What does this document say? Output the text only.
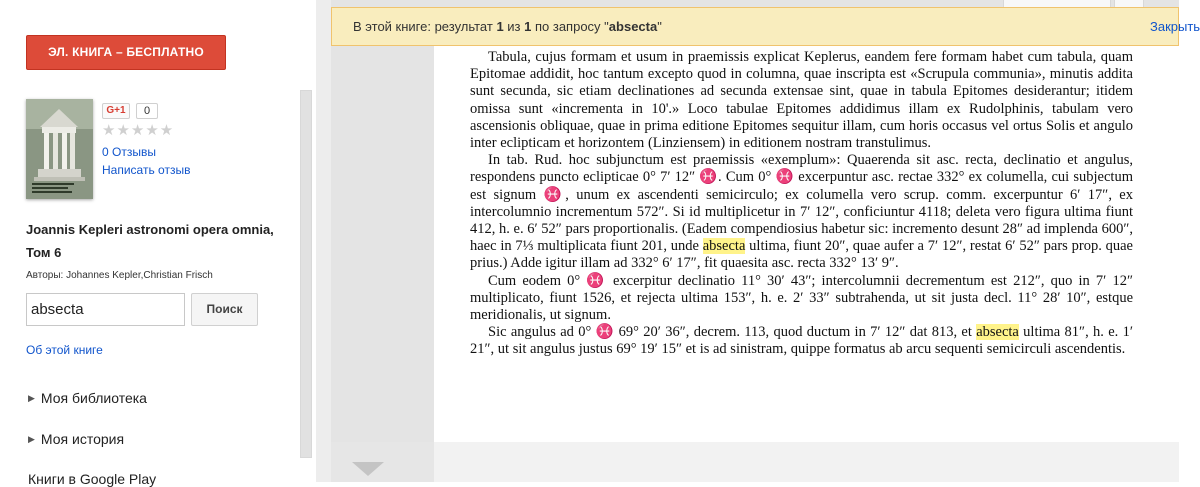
ЭЛ. КНИГА – БЕСПЛАТНО
G+1	0
★★★★★
0 Отзывы
Написать отзыв
Joannis Kepleri astronomi opera omnia, Том 6
Авторы: Johannes Kepler,Christian Frisch
absecta
Поиск
Об этой книге
▶ Моя библиотека
▶ Моя история
Книги в Google Play
В этой книге: результат 1 из 1 по запросу "absecta"	Закрыть

Tabula, cujus formam et usum in praemissis explicat Keplerus, eandem fere formam habet cum tabula, quam Epitomae addidit, hoc tantum excepto quod in columna, quae inscripta est «Scrupula communia», minutis addita sunt secunda, sic etiam declinationes ad secunda extensae sint, quae in tabula Epitomes desiderantur; itidem omissa sunt «incrementa in 10'.» Loco tabulae Epitomes addidimus illam ex Rudolphinis, tabulam vero ascensionis obliquae, quae in prima editione Epitomes sequitur illam, cum horis occasus vel ortus Solis et angulo inter eclipticam et horizontem (Linziensem) in editionem nostram transtulimus.

In tab. Rud. hoc subjunctum est praemissis «exemplum»: Quaerenda sit asc. recta, declinatio et angulus, respondens puncto eclipticae 0° 7′ 12″ ♓. Cum 0° ♓ excerpuntur asc. rectae 332° ex columella, cui subjectum est signum ♓, unum ex ascendenti semicirculo; ex columella vero scrup. comm. excerpuntur 6′ 17″, ex intercolumnio incrementum 572″. Si id multiplicetur in 7′ 12″, conficiuntur 4118; deleta vero figura ultima fiunt 412, h. e. 6′ 52″ pars proportionalis. (Eadem compendiosius habetur sic: incremento desunt 28″ ad implenda 600″, haec in 7⅓ multiplicata fiunt 201, unde absecta ultima, fiunt 20″, quae aufer a 7′ 12″, restat 6′ 52″ pars prop. quae prius.) Adde igitur illam ad 332° 6′ 17″, fit quaesita asc. recta 332° 13′ 9″.

Cum eodem 0° ♓ excerpitur declinatio 11° 30′ 43″; intercolumnii decrementum est 212″, quo in 7′ 12″ multiplicato, fiunt 1526, et rejecta ultima 153″, h. e. 2′ 33″ subtrahenda, ut sit justa decl. 11° 28′ 10″, estque meridionalis, ut signum.

Sic angulus ad 0° ♓ 69° 20′ 36″, decrem. 113, quod ductum in 7′ 12″ dat 813, et absecta ultima 81″, h. e. 1′ 21″, ut sit angulus justus 69° 19′ 15″ et is ad sinistram, quippe formatus ab arcu sequenti semicirculi ascendentis.
